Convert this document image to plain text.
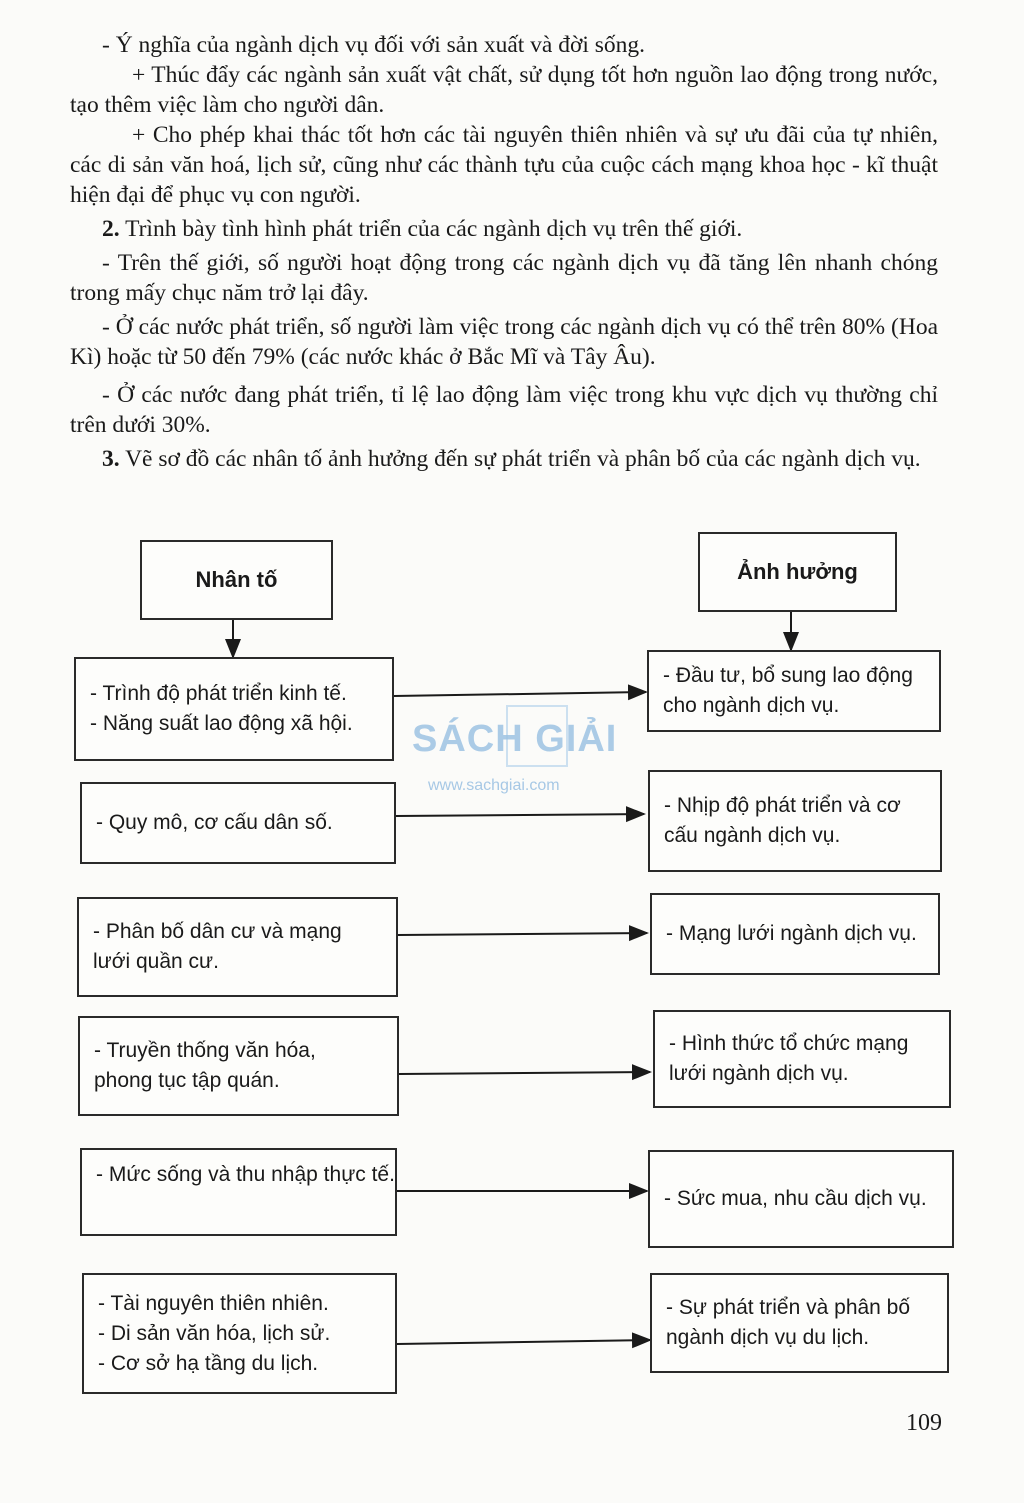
- Ý nghĩa của ngành dịch vụ đối với sản xuất và đời sống.

+ Thúc đẩy các ngành sản xuất vật chất, sử dụng tốt hơn nguồn lao động trong nước, tạo thêm việc làm cho người dân.

+ Cho phép khai thác tốt hơn các tài nguyên thiên nhiên và sự ưu đãi của tự nhiên, các di sản văn hoá, lịch sử, cũng như các thành tựu của cuộc cách mạng khoa học - kĩ thuật hiện đại để phục vụ con người.

2. Trình bày tình hình phát triển của các ngành dịch vụ trên thế giới.

- Trên thế giới, số người hoạt động trong các ngành dịch vụ đã tăng lên nhanh chóng trong mấy chục năm trở lại đây.

- Ở các nước phát triển, số người làm việc trong các ngành dịch vụ có thể trên 80% (Hoa Kì) hoặc từ 50 đến 79% (các nước khác ở Bắc Mĩ và Tây Âu).

- Ở các nước đang phát triển, tỉ lệ lao động làm việc trong khu vực dịch vụ thường chỉ trên dưới 30%.

3. Vẽ sơ đồ các nhân tố ảnh hưởng đến sự phát triển và phân bố của các ngành dịch vụ.

SÁCH GIẢI
www.sachgiai.com
Nhân tố	Ảnh hưởng
- Trình độ phát triển kinh tế.
- Năng suất lao động xã hội.
- Đầu tư, bổ sung lao động
cho ngành dịch vụ.
- Quy mô, cơ cấu dân số.
- Nhịp độ phát triển và cơ
cấu ngành dịch vụ.
- Phân bố dân cư và mạng
lưới quần cư.
- Mạng lưới ngành dịch vụ.
- Truyền thống văn hóa,
phong tục tập quán.
- Hình thức tổ chức mạng
lưới ngành dịch vụ.
- Mức sống và thu nhập thực tế.
- Sức mua, nhu cầu dịch vụ.
- Tài nguyên thiên nhiên.
- Di sản văn hóa, lịch sử.
- Cơ sở hạ tầng du lịch.
- Sự phát triển và phân bố
ngành dịch vụ du lịch.
109
